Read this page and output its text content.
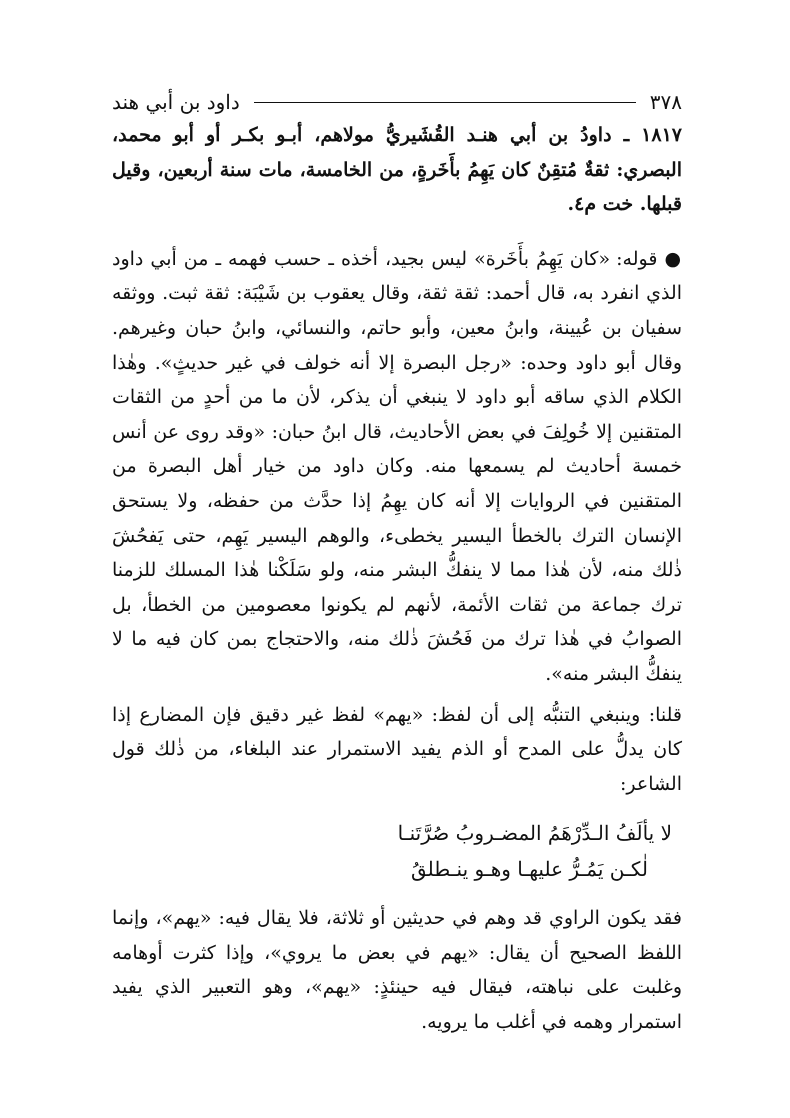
٣٧٨
داود بن أبي هند

١٨١٧ ـ داودُ بن أبي هنـد القُشَيريُّ مولاهم، أبـو بكـر أو أبو محمد، البصري: ثقةٌ مُتقِنٌ كان يَهِمُ بأَخَرةٍ، من الخامسة، مات سنة أربعين، وقيل قبلها. خت م٤.

● قوله: «كان يَهِمُ بأَخَرة» ليس بجيد، أخذه ـ حسب فهمه ـ من أبي داود الذي انفرد به، قال أحمد: ثقة ثقة، وقال يعقوب بن شَيْبَة: ثقة ثبت. ووثقه سفيان بن عُيينة، وابنُ معين، وأبو حاتم، والنسائي، وابنُ حبان وغيرهم. وقال أبو داود وحده: «رجل البصرة إلا أنه خولف في غير حديثٍ». وهٰذا الكلام الذي ساقه أبو داود لا ينبغي أن يذكر، لأن ما من أحدٍ من الثقات المتقنين إلا خُولِفَ في بعض الأحاديث، قال ابنُ حبان: «وقد روى عن أنس خمسة أحاديث لم يسمعها منه. وكان داود من خيار أهل البصرة من المتقنين في الروايات إلا أنه كان يهِمُ إذا حدَّث من حفظه، ولا يستحق الإنسان الترك بالخطأ اليسير يخطىء، والوهم اليسير يَهِم، حتى يَفحُشَ ذٰلك منه، لأن هٰذا مما لا ينفكُّ البشر منه، ولو سَلَكْنا هٰذا المسلك للزمنا ترك جماعة من ثقات الأئمة، لأنهم لم يكونوا معصومين من الخطأ، بل الصوابُ في هٰذا ترك من فَحُشَ ذٰلك منه، والاحتجاج بمن كان فيه ما لا ينفكُّ البشر منه».

قلنا: وينبغي التنبُّه إلى أن لفظ: «يهم» لفظ غير دقيق فإن المضارع إذا كان يدلُّ على المدح أو الذم يفيد الاستمرار عند البلغاء، من ذٰلك قول الشاعر:

لا يألَفُ الـدِّرْهَمُ المضـروبُ صُرَّتَنـا
لٰكـن يَمُـرُّ عليهـا وهـو ينـطلقُ

فقد يكون الراوي قد وهم في حديثين أو ثلاثة، فلا يقال فيه: «يهم»، وإنما اللفظ الصحيح أن يقال: «يهم في بعض ما يروي»، وإذا كثرت أوهامه وغلبت على نباهته، فيقال فيه حينئذٍ: «يهم»، وهو التعبير الذي يفيد استمرار وهمه في أغلب ما يرويه.
